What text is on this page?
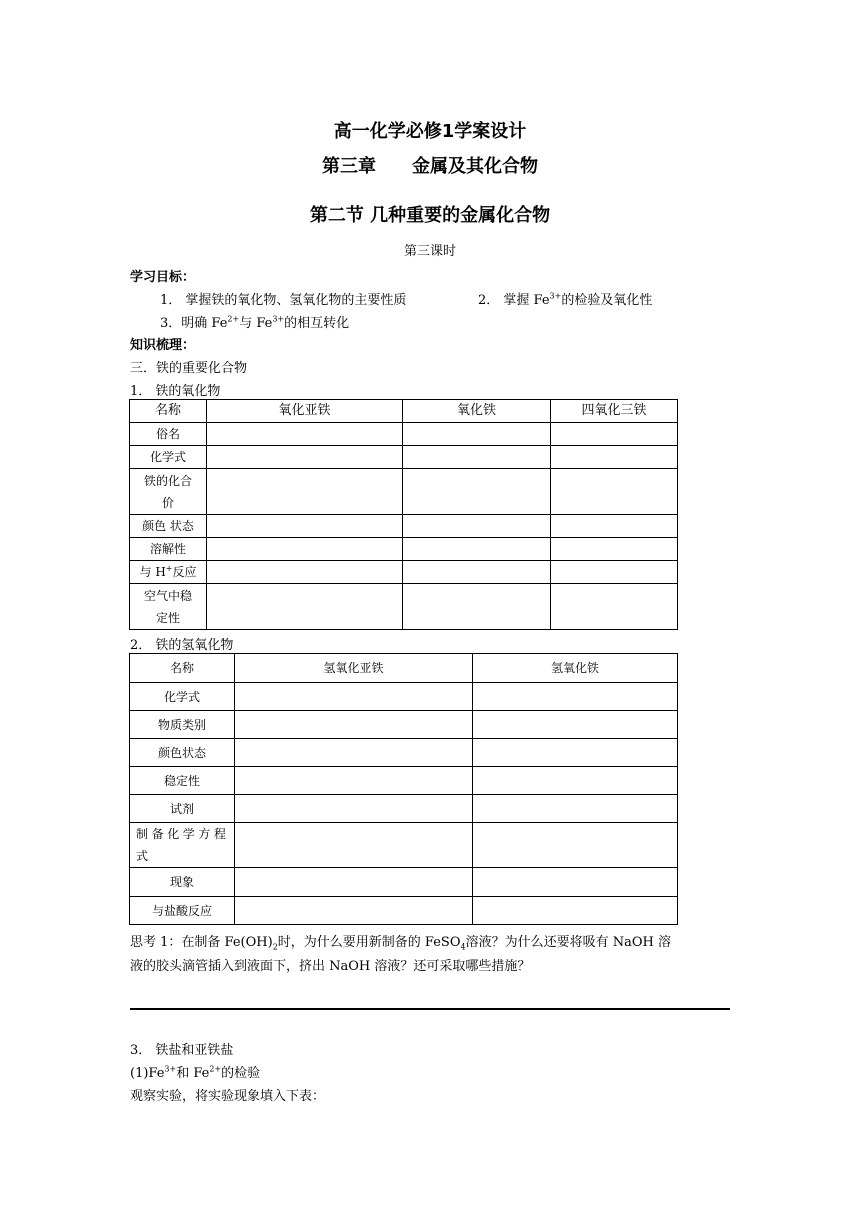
高一化学必修1学案设计
第三章　　金属及其化合物
第二节 几种重要的金属化合物
第三课时
学习目标：
1． 掌握铁的氧化物、氢氧化物的主要性质	2． 掌握 $Fe^{3+}$的检验及氧化性
3．明确 $Fe^{2+}$与 $Fe^{3+}$的相互转化
知识梳理：
三．铁的重要化合物
1． 铁的氧化物
名称	氧化亚铁	氧化铁	四氧化三铁
俗名			
化学式			
铁的化合价			
颜色 状态			
溶解性			
与 H+反应			
空气中稳定性			
2． 铁的氢氧化物
名称	氢氧化亚铁	氢氧化铁
化学式		
物质类别		
颜色状态		
稳定性		
试剂		
制备化学方程式		
现象		
与盐酸反应		
思考 1：在制备 $Fe(OH)_2$时，为什么要用新制备的 FeSO$_4$溶液？为什么还要将吸有 NaOH 溶
液的胶头滴管插入到液面下，挤出 NaOH 溶液？还可采取哪些措施？
3． 铁盐和亚铁盐
$(1)Fe^{3+}$和 $Fe^{2+}$的检验
观察实验，将实验现象填入下表：
